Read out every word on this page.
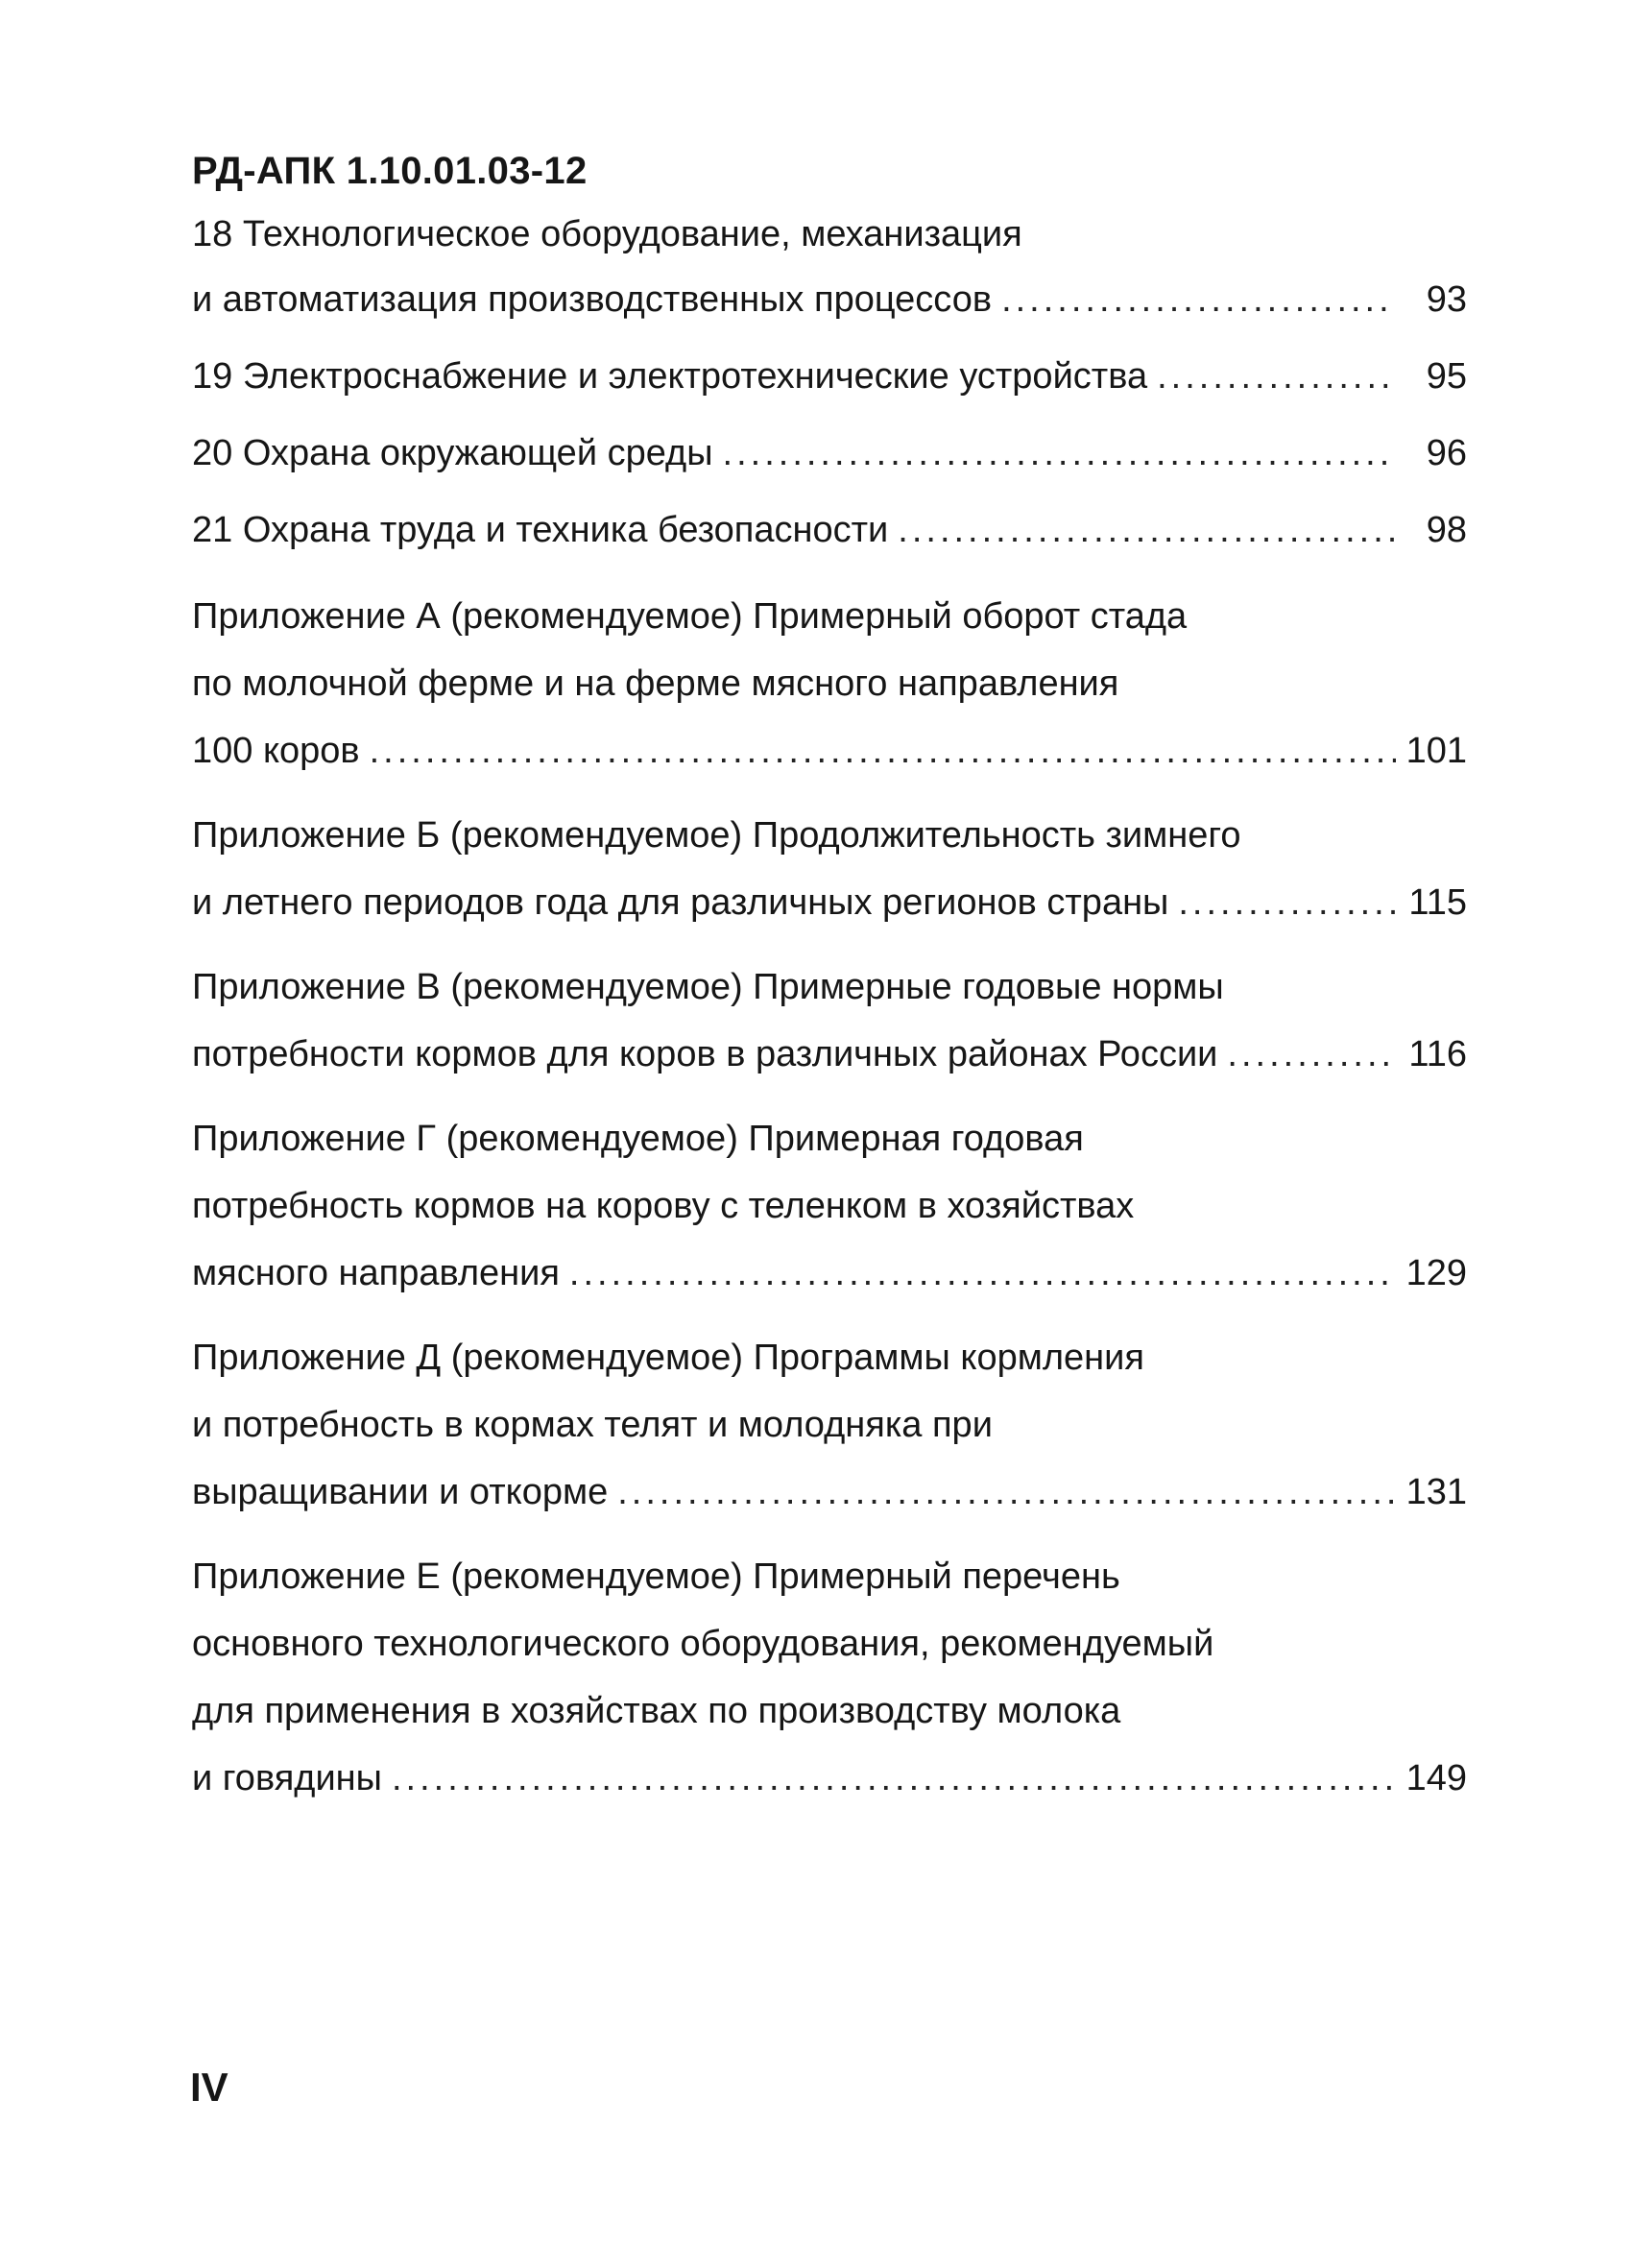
РД-АПК 1.10.01.03-12
18 Технологическое оборудование, механизация
и автоматизация производственных процессов .....	93
19 Электроснабжение и электротехнические устройства .....	95
20 Охрана окружающей среды .....	96
21 Охрана труда и техника безопасности .....	98
Приложение А (рекомендуемое) Примерный оборот стада
по молочной ферме и на ферме мясного направления
100 коров .....	101
Приложение Б (рекомендуемое) Продолжительность зимнего
и летнего периодов года для различных регионов страны .....	115
Приложение В (рекомендуемое) Примерные годовые нормы
потребности кормов для коров в различных районах России .....	116
Приложение Г (рекомендуемое) Примерная годовая
потребность кормов на корову с теленком в хозяйствах
мясного направления .....	129
Приложение Д (рекомендуемое) Программы кормления
и потребность в кормах телят и молодняка при
выращивании и откорме .....	131
Приложение Е (рекомендуемое) Примерный перечень
основного технологического оборудования, рекомендуемый
для применения в хозяйствах по производству молока
и говядины .....	149
IV
